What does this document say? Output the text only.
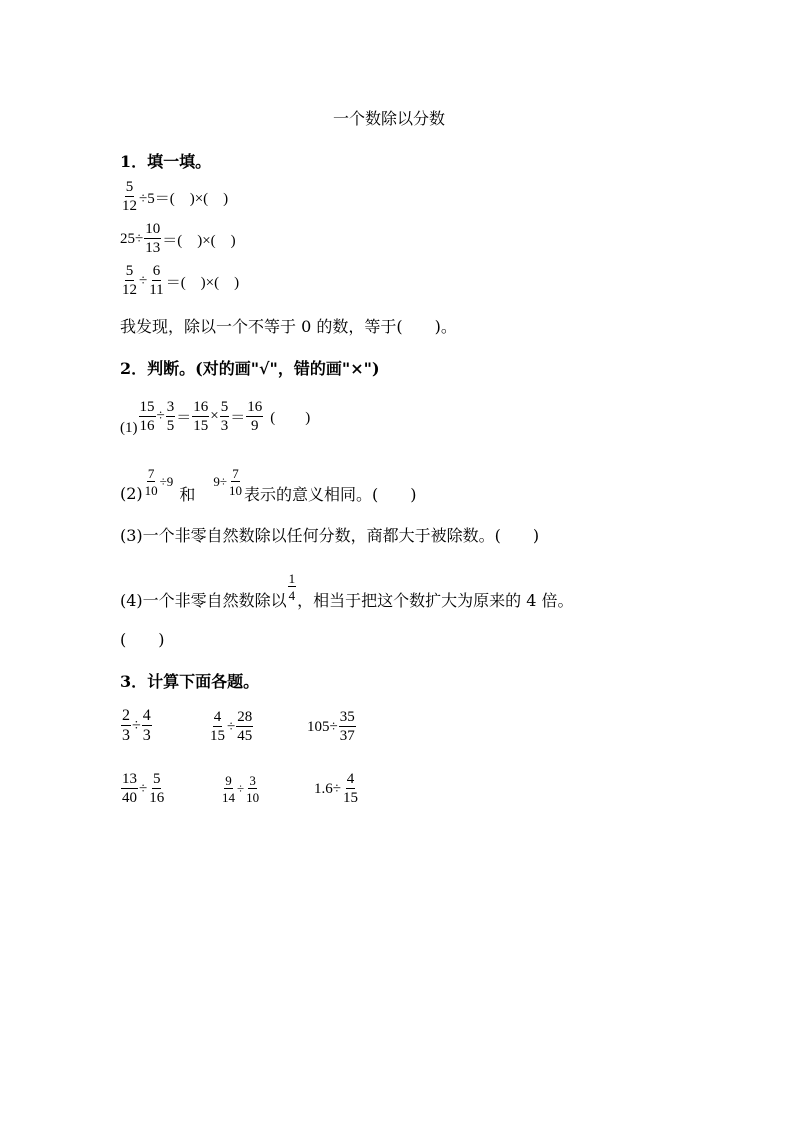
一个数除以分数
1．填一填。
$\frac{5}{12} \div 5=$(　)×(　)
$25\div \frac{10}{13}$ ＝(　)×(　)
$\frac{5}{12} \div \frac{6}{11}$ ＝(　)×(　)
我发现，除以一个不等于 0 的数，等于(　　)。
2．判断。(对的画"√"，错的画"×")
$(1) \frac{15}{16} \div \frac{3}{5} = \frac{16}{15} \times \frac{5}{3} = \frac{16}{9}$ (　　)
$(2) \frac{7}{10} \div 9$
和
$9\div \frac{7}{10}$ 表示的意义相同。(　　)
(3)一个非零自然数除以任何分数，商都大于被除数。(　　)
(4)一个非零自然数除以 $\frac{1}{4}$ ，相当于把这个数扩大为原来的 4 倍。
(　　)
3．计算下面各题。
$\frac{2}{3} \div \frac{4}{3}$	$\frac{4}{15} \div \frac{28}{45}$	$105\div \frac{35}{37}$
$\frac{13}{40} \div \frac{5}{16}$	$\frac{9}{14} \div \frac{3}{10}$	$1.6\div \frac{4}{15}$
